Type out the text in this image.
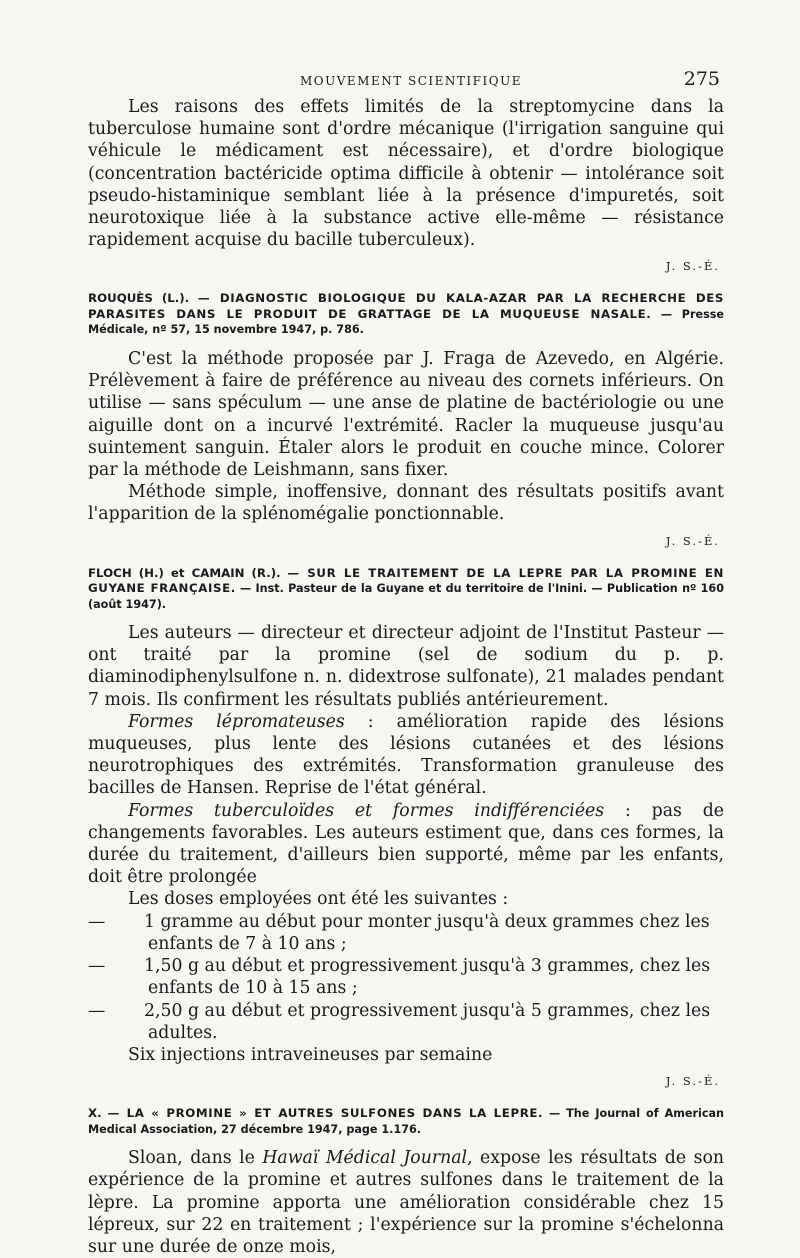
MOUVEMENT SCIENTIFIQUE	275

Les raisons des effets limités de la streptomycine dans la tuberculose humaine sont d'ordre mécanique (l'irrigation sanguine qui véhicule le médicament est nécessaire), et d'ordre biologique (concentration bactéricide optima difficile à obtenir — intolérance soit pseudo-histaminique semblant liée à la présence d'impuretés, soit neurotoxique liée à la substance active elle-même — résistance rapidement acquise du bacille tuberculeux).

J. S.-É.
ROUQUÈS (L.). — DIAGNOSTIC BIOLOGIQUE DU KALA-AZAR PAR LA RECHERCHE DES PARASITES DANS LE PRODUIT DE GRATTAGE DE LA MUQUEUSE NASALE. — Presse Médicale, nº 57, 15 novembre 1947, p. 786.

C'est la méthode proposée par J. Fraga de Azevedo, en Algérie. Prélèvement à faire de préférence au niveau des cornets inférieurs. On utilise — sans spéculum — une anse de platine de bactériologie ou une aiguille dont on a incurvé l'extrémité. Racler la muqueuse jusqu'au suintement sanguin. Étaler alors le produit en couche mince. Colorer par la méthode de Leishmann, sans fixer.

Méthode simple, inoffensive, donnant des résultats positifs avant l'apparition de la splénomégalie ponctionnable.

J. S.-É.
FLOCH (H.) et CAMAIN (R.). — SUR LE TRAITEMENT DE LA LEPRE PAR LA PROMINE EN GUYANE FRANÇAISE. — Inst. Pasteur de la Guyane et du territoire de l'Inini. — Publication nº 160 (août 1947).

Les auteurs — directeur et directeur adjoint de l'Institut Pasteur — ont traité par la promine (sel de sodium du p. p. diaminodiphenylsulfone n. n. didextrose sulfonate), 21 malades pendant 7 mois. Ils confirment les résultats publiés antérieurement.

Formes lépromateuses : amélioration rapide des lésions muqueuses, plus lente des lésions cutanées et des lésions neurotrophiques des extrémités. Transformation granuleuse des bacilles de Hansen. Reprise de l'état général.

Formes tuberculoïdes et formes indifférenciées : pas de changements favorables. Les auteurs estiment que, dans ces formes, la durée du traitement, d'ailleurs bien supporté, même par les enfants, doit être prolongée

Les doses employées ont été les suivantes :

— 1 gramme au début pour monter jusqu'à deux grammes chez les enfants de 7 à 10 ans ;
— 1,50 g au début et progressivement jusqu'à 3 grammes, chez les enfants de 10 à 15 ans ;
— 2,50 g au début et progressivement jusqu'à 5 grammes, chez les adultes.

Six injections intraveineuses par semaine

J. S.-É.
X. — LA « PROMINE » ET AUTRES SULFONES DANS LA LEPRE. — The Journal of American Medical Association, 27 décembre 1947, page 1.176.

Sloan, dans le Hawaï Médical Journal, expose les résultats de son expérience de la promine et autres sulfones dans le traitement de la lèpre. La promine apporta une amélioration considérable chez 15 lépreux, sur 22 en traitement ; l'expérience sur la promine s'échelonna sur une durée de onze mois,
